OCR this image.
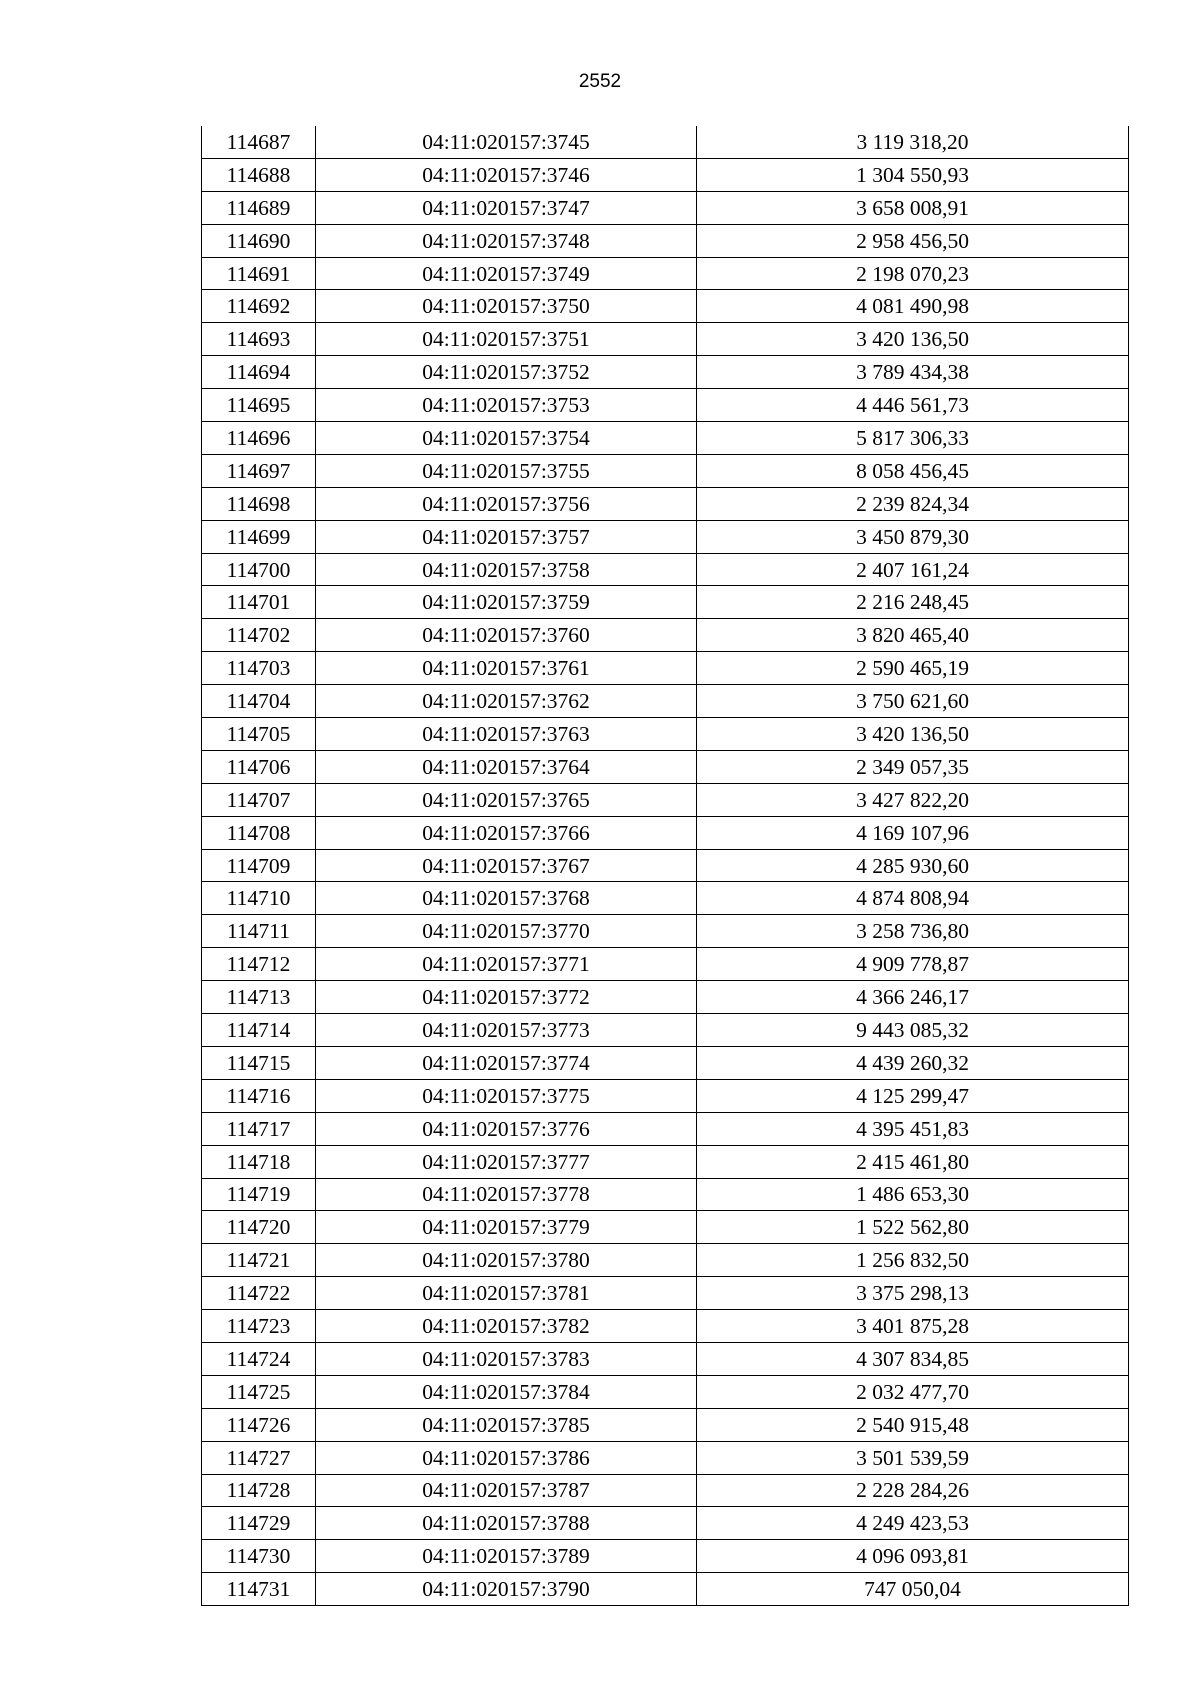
2552
114687	04:11:020157:3745	3 119 318,20
114688	04:11:020157:3746	1 304 550,93
114689	04:11:020157:3747	3 658 008,91
114690	04:11:020157:3748	2 958 456,50
114691	04:11:020157:3749	2 198 070,23
114692	04:11:020157:3750	4 081 490,98
114693	04:11:020157:3751	3 420 136,50
114694	04:11:020157:3752	3 789 434,38
114695	04:11:020157:3753	4 446 561,73
114696	04:11:020157:3754	5 817 306,33
114697	04:11:020157:3755	8 058 456,45
114698	04:11:020157:3756	2 239 824,34
114699	04:11:020157:3757	3 450 879,30
114700	04:11:020157:3758	2 407 161,24
114701	04:11:020157:3759	2 216 248,45
114702	04:11:020157:3760	3 820 465,40
114703	04:11:020157:3761	2 590 465,19
114704	04:11:020157:3762	3 750 621,60
114705	04:11:020157:3763	3 420 136,50
114706	04:11:020157:3764	2 349 057,35
114707	04:11:020157:3765	3 427 822,20
114708	04:11:020157:3766	4 169 107,96
114709	04:11:020157:3767	4 285 930,60
114710	04:11:020157:3768	4 874 808,94
114711	04:11:020157:3770	3 258 736,80
114712	04:11:020157:3771	4 909 778,87
114713	04:11:020157:3772	4 366 246,17
114714	04:11:020157:3773	9 443 085,32
114715	04:11:020157:3774	4 439 260,32
114716	04:11:020157:3775	4 125 299,47
114717	04:11:020157:3776	4 395 451,83
114718	04:11:020157:3777	2 415 461,80
114719	04:11:020157:3778	1 486 653,30
114720	04:11:020157:3779	1 522 562,80
114721	04:11:020157:3780	1 256 832,50
114722	04:11:020157:3781	3 375 298,13
114723	04:11:020157:3782	3 401 875,28
114724	04:11:020157:3783	4 307 834,85
114725	04:11:020157:3784	2 032 477,70
114726	04:11:020157:3785	2 540 915,48
114727	04:11:020157:3786	3 501 539,59
114728	04:11:020157:3787	2 228 284,26
114729	04:11:020157:3788	4 249 423,53
114730	04:11:020157:3789	4 096 093,81
114731	04:11:020157:3790	747 050,04
